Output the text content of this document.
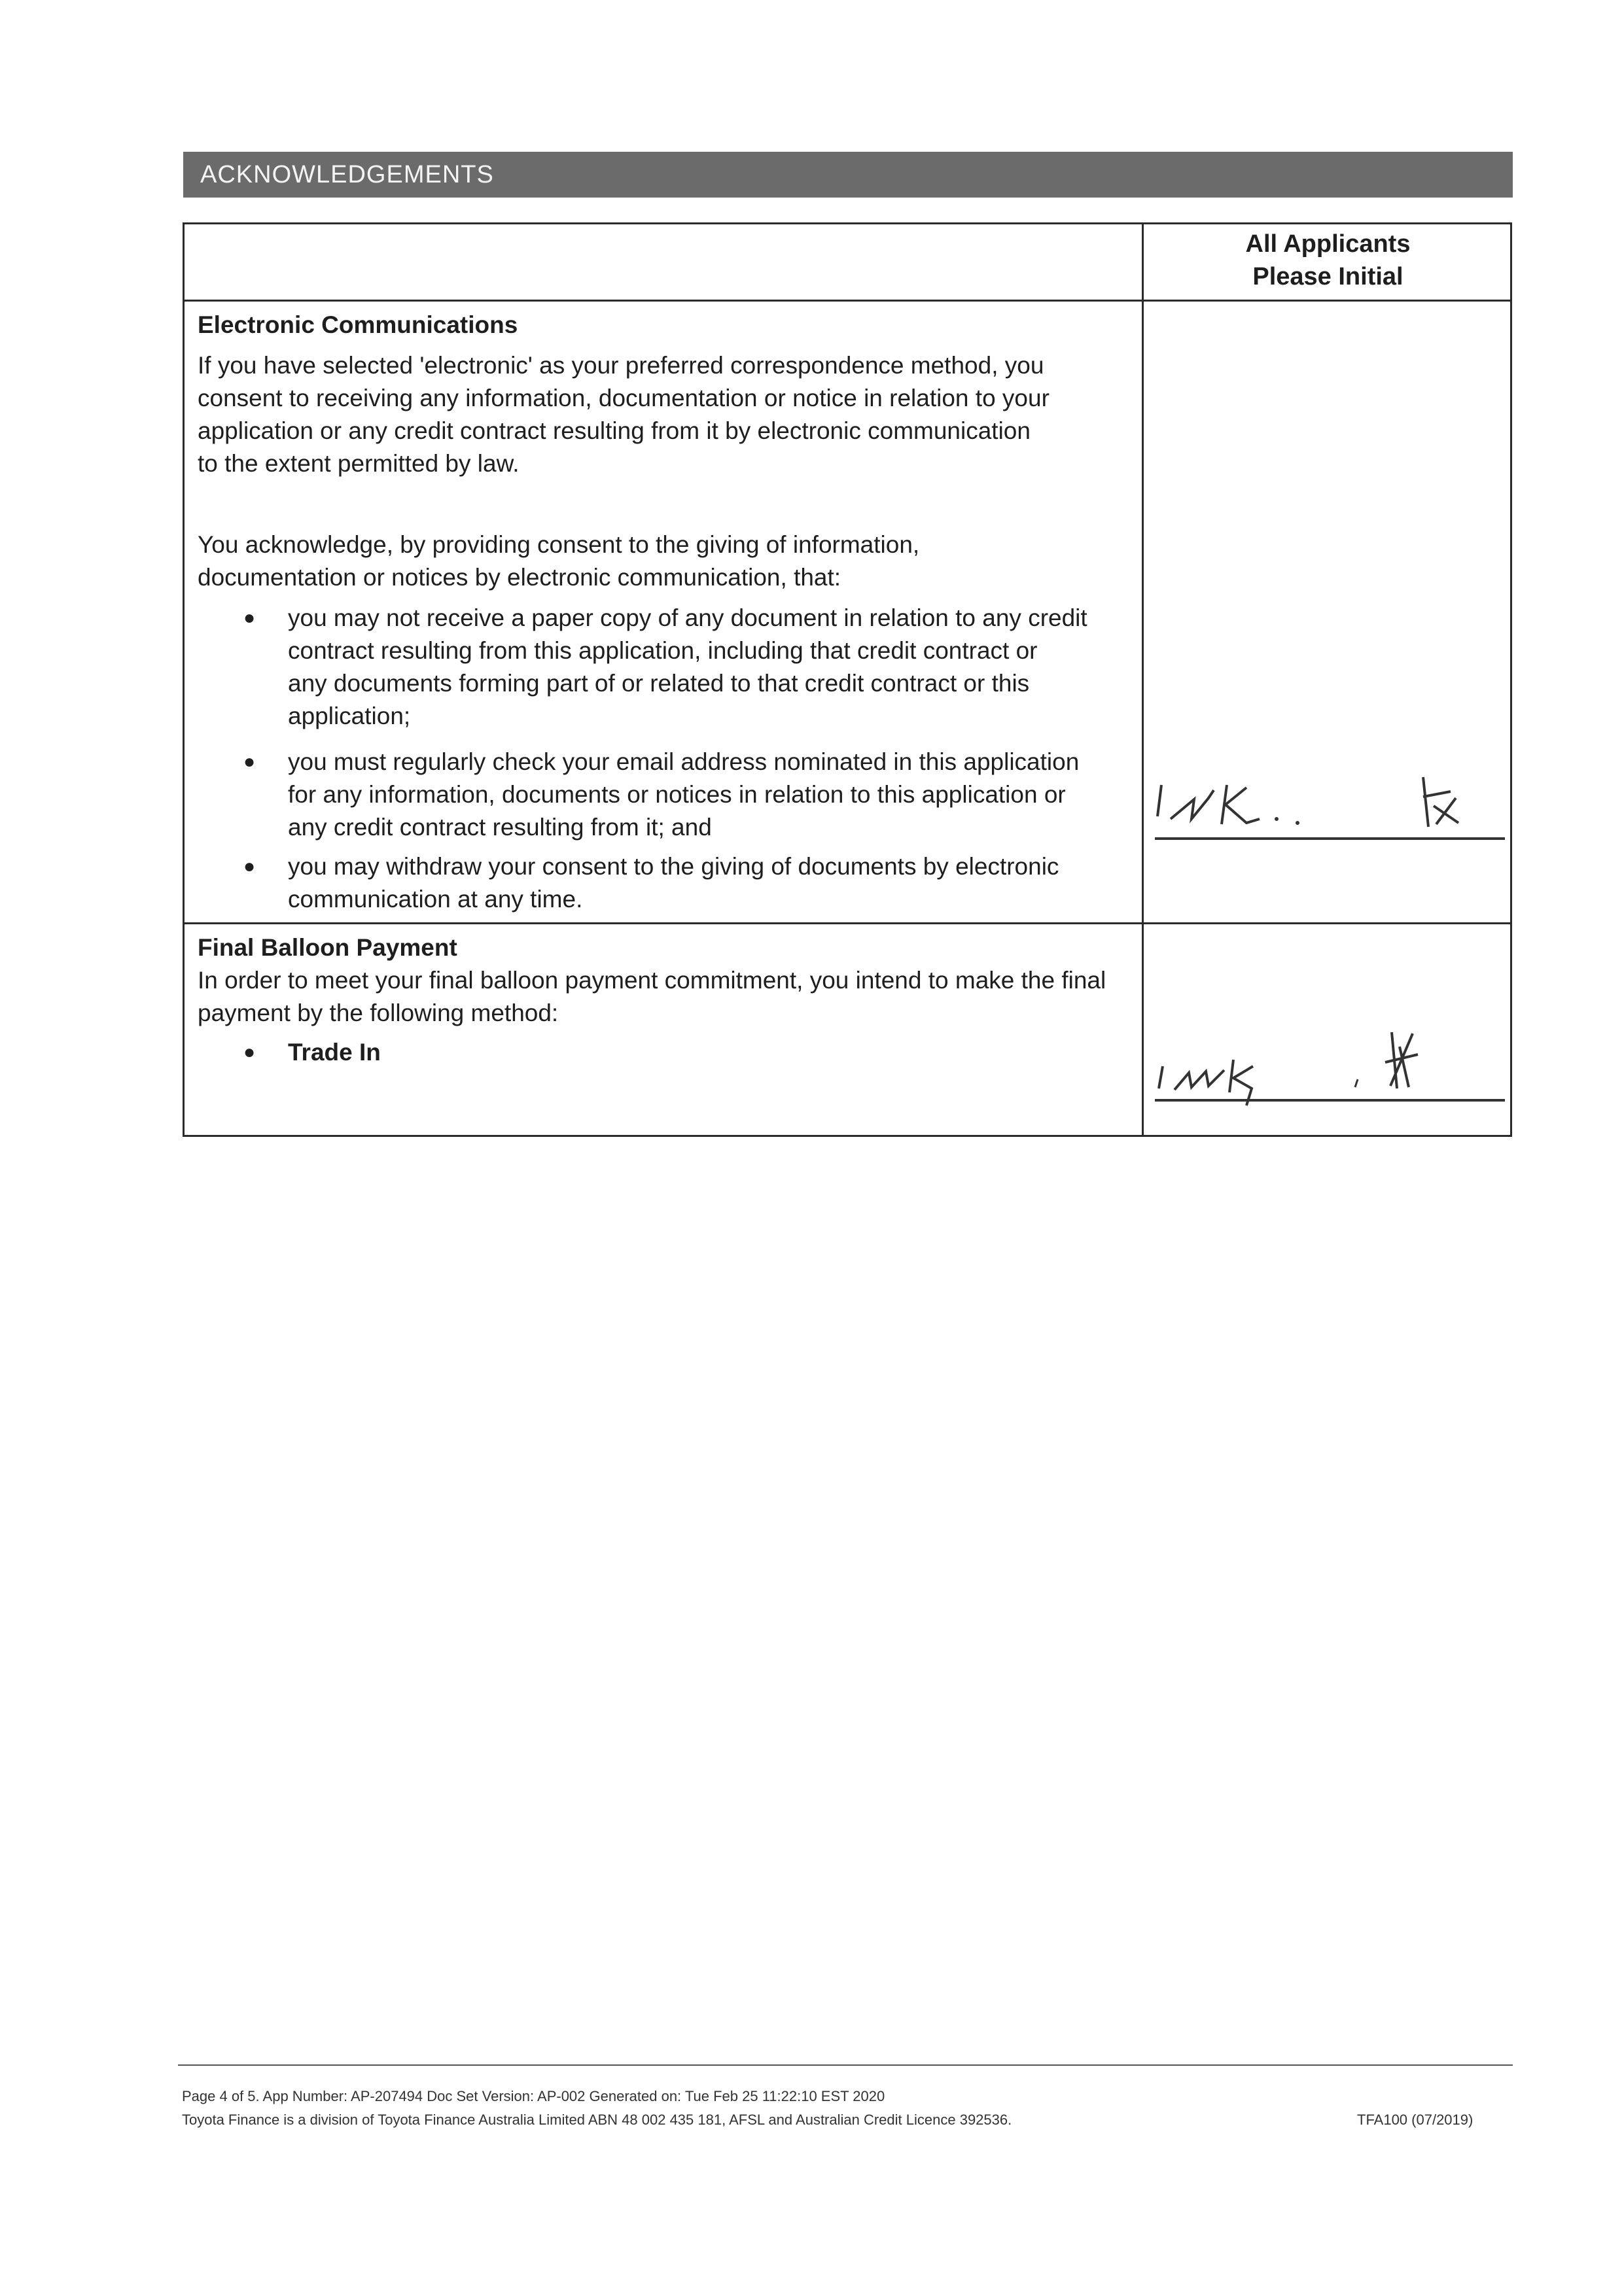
ACKNOWLEDGEMENTS
All Applicants
Please Initial
Electronic Communications
If you have selected 'electronic' as your preferred correspondence method, you
consent to receiving any information, documentation or notice in relation to your
application or any credit contract resulting from it by electronic communication
to the extent permitted by law.
You acknowledge, by providing consent to the giving of information,
documentation or notices by electronic communication, that:
● you may not receive a paper copy of any document in relation to any credit
contract resulting from this application, including that credit contract or
any documents forming part of or related to that credit contract or this
application;
● you must regularly check your email address nominated in this application
for any information, documents or notices in relation to this application or
any credit contract resulting from it; and
● you may withdraw your consent to the giving of documents by electronic
communication at any time.
Final Balloon Payment
In order to meet your final balloon payment commitment, you intend to make the final
payment by the following method:
● Trade In
Page 4 of 5. App Number: AP-207494 Doc Set Version: AP-002 Generated on: Tue Feb 25 11:22:10 EST 2020
Toyota Finance is a division of Toyota Finance Australia Limited ABN 48 002 435 181, AFSL and Australian Credit Licence 392536.	TFA100 (07/2019)
